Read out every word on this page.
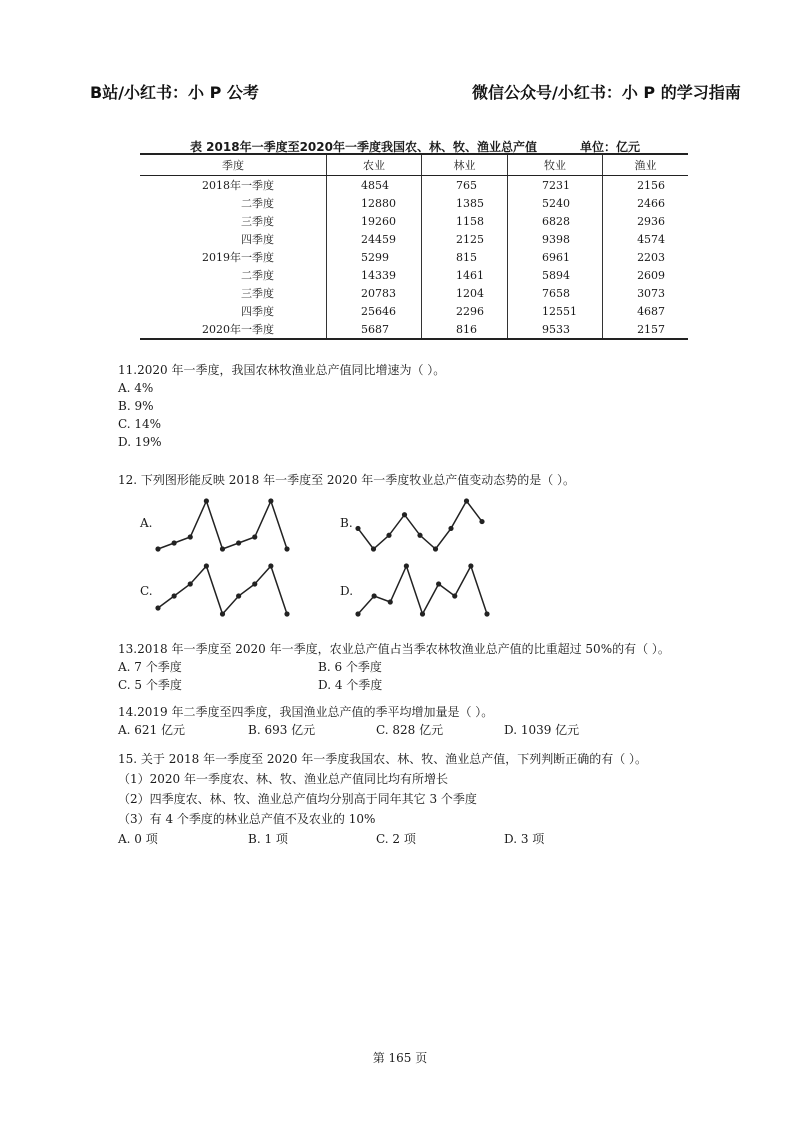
B站/小红书：小 P 公考	微信公众号/小红书：小 P 的学习指南
表 2018年一季度至2020年一季度我国农、林、牧、渔业总产值	单位：亿元
季度	农业	林业	牧业	渔业
2018年一季度	4854	765	7231	2156
二季度	12880	1385	5240	2466
三季度	19260	1158	6828	2936
四季度	24459	2125	9398	4574
2019年一季度	5299	815	6961	2203
二季度	14339	1461	5894	2609
三季度	20783	1204	7658	3073
四季度	25646	2296	12551	4687
2020年一季度	5687	816	9533	2157
11.2020 年一季度，我国农林牧渔业总产值同比增速为（ ）。
A. 4%
B. 9%
C. 14%
D. 19%
12. 下列图形能反映 2018 年一季度至 2020 年一季度牧业总产值变动态势的是（ ）。
A.	B.
C.	D.
13.2018 年一季度至 2020 年一季度，农业总产值占当季农林牧渔业总产值的比重超过 50%的有（ ）。
A. 7 个季度	B. 6 个季度
C. 5 个季度	D. 4 个季度
14.2019 年二季度至四季度，我国渔业总产值的季平均增加量是（ ）。
A. 621 亿元	B. 693 亿元	C. 828 亿元	D. 1039 亿元
15. 关于 2018 年一季度至 2020 年一季度我国农、林、牧、渔业总产值，下列判断正确的有（ ）。
（1）2020 年一季度农、林、牧、渔业总产值同比均有所增长
（2）四季度农、林、牧、渔业总产值均分别高于同年其它 3 个季度
（3）有 4 个季度的林业总产值不及农业的 10%
A. 0 项	B. 1 项	C. 2 项	D. 3 项
第 165 页
